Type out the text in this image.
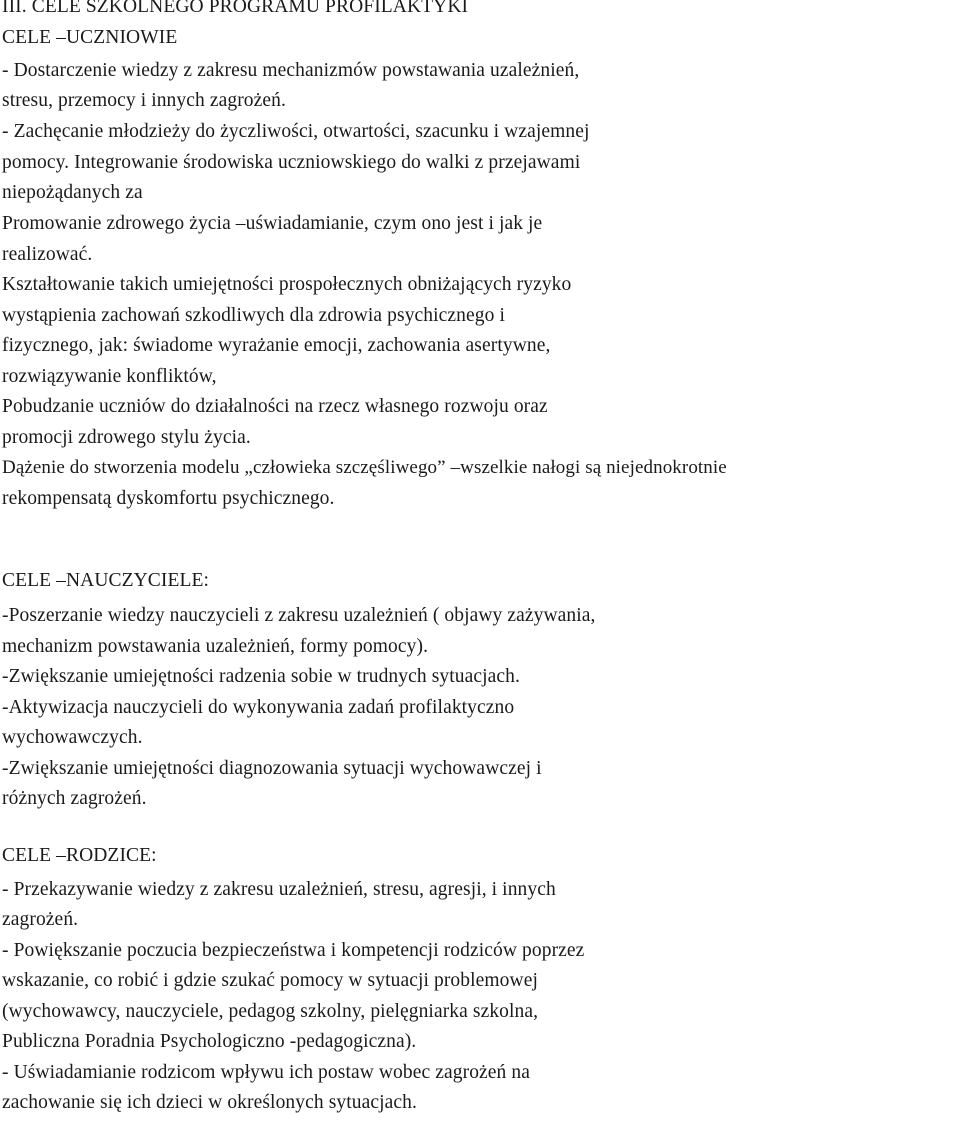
III. CELE SZKOLNEGO PROGRAMU PROFILAKTYKI
CELE –UCZNIOWIE
- Dostarczenie wiedzy z zakresu mechanizmów powstawania uzależnień,
stresu, przemocy i innych zagrożeń.
- Zachęcanie młodzieży do życzliwości, otwartości, szacunku i wzajemnej
pomocy. Integrowanie środowiska uczniowskiego do walki z przejawami
niepożądanych za
Promowanie zdrowego życia –uświadamianie, czym ono jest i jak je
realizować.
Kształtowanie takich umiejętności prospołecznych obniżających ryzyko
wystąpienia zachowań szkodliwych dla zdrowia psychicznego i
fizycznego, jak: świadome wyrażanie emocji, zachowania asertywne,
rozwiązywanie konfliktów,
Pobudzanie uczniów do działalności na rzecz własnego rozwoju oraz
promocji zdrowego stylu życia.
Dążenie do stworzenia modelu „człowieka szczęśliwego” –wszelkie nałogi są niejednokrotnie
rekompensatą dyskomfortu psychicznego.
CELE –NAUCZYCIELE:
-Poszerzanie wiedzy nauczycieli z zakresu uzależnień ( objawy zażywania,
mechanizm powstawania uzależnień, formy pomocy).
-Zwiększanie umiejętności radzenia sobie w trudnych sytuacjach.
-Aktywizacja nauczycieli do wykonywania zadań profilaktyczno
wychowawczych.
-Zwiększanie umiejętności diagnozowania sytuacji wychowawczej i
różnych zagrożeń.
CELE –RODZICE:
- Przekazywanie wiedzy z zakresu uzależnień, stresu, agresji, i innych
zagrożeń.
- Powiększanie poczucia bezpieczeństwa i kompetencji rodziców poprzez
wskazanie, co robić i gdzie szukać pomocy w sytuacji problemowej
(wychowawcy, nauczyciele, pedagog szkolny, pielęgniarka szkolna,
Publiczna Poradnia Psychologiczno -pedagogiczna).
- Uświadamianie rodzicom wpływu ich postaw wobec zagrożeń na
zachowanie się ich dzieci w określonych sytuacjach.
